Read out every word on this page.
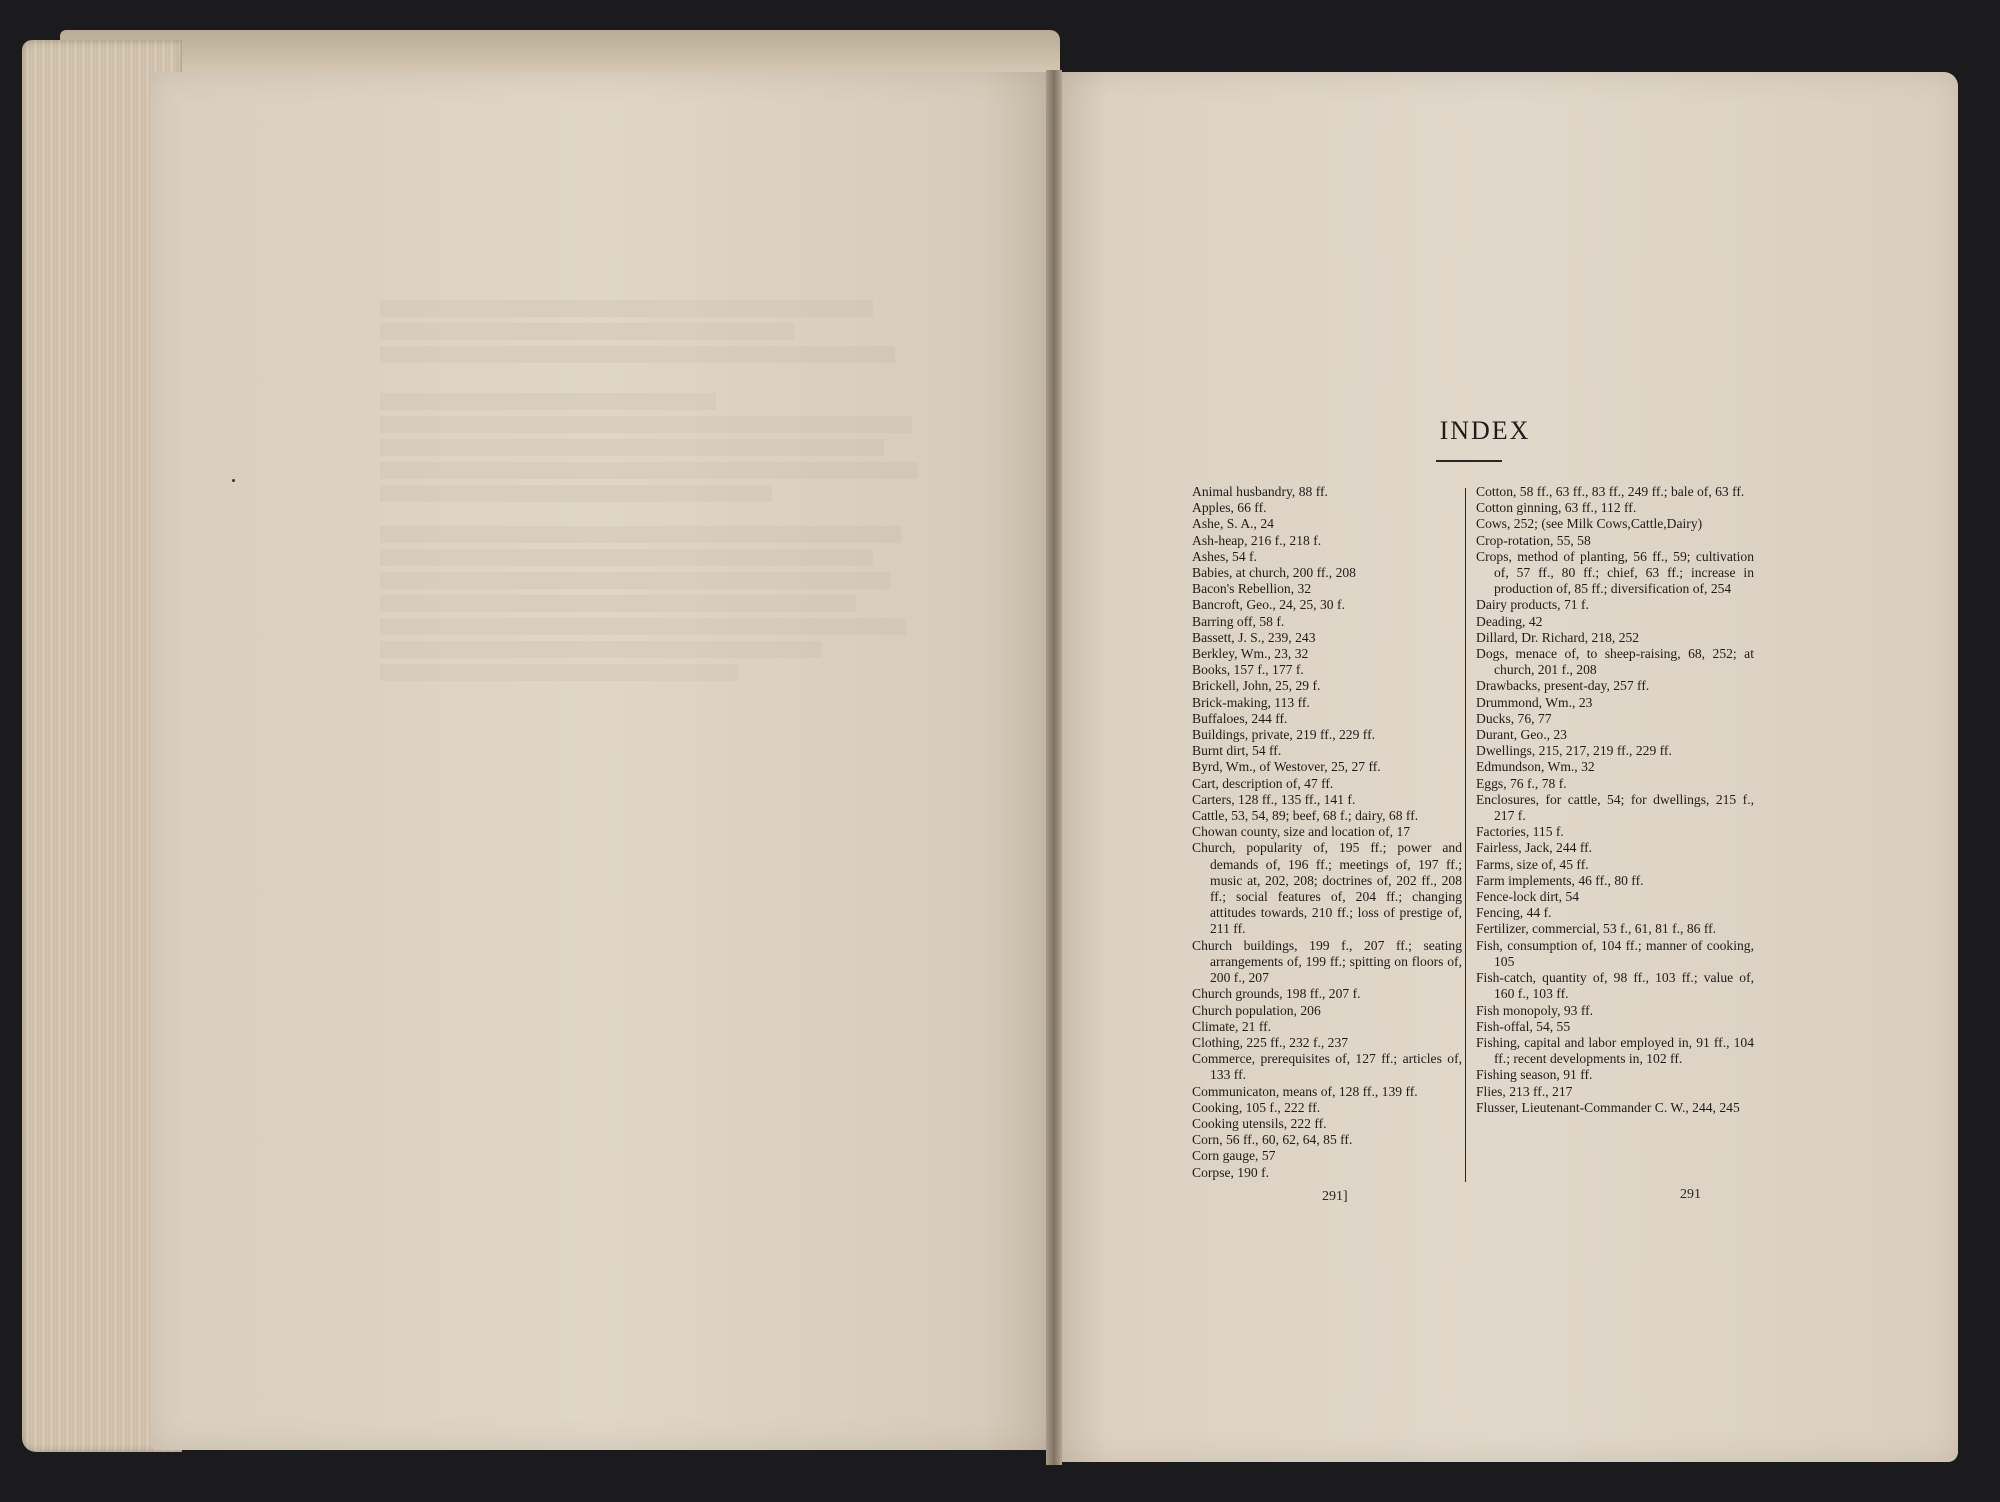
INDEX

Animal husbandry, 88 ff.

Apples, 66 ff.

Ashe, S. A., 24

Ash-heap, 216 f., 218 f.

Ashes, 54 f.

Babies, at church, 200 ff., 208

Bacon's Rebellion, 32

Bancroft, Geo., 24, 25, 30 f.

Barring off, 58 f.

Bassett, J. S., 239, 243

Berkley, Wm., 23, 32

Books, 157 f., 177 f.

Brickell, John, 25, 29 f.

Brick-making, 113 ff.

Buffaloes, 244 ff.

Buildings, private, 219 ff., 229 ff.

Burnt dirt, 54 ff.

Byrd, Wm., of Westover, 25, 27 ff.

Cart, description of, 47 ff.

Carters, 128 ff., 135 ff., 141 f.

Cattle, 53, 54, 89; beef, 68 f.; dairy, 68 ff.

Chowan county, size and location of, 17

Church, popularity of, 195 ff.; power and demands of, 196 ff.; meetings of, 197 ff.; music at, 202, 208; doctrines of, 202 ff., 208 ff.; social features of, 204 ff.; changing attitudes towards, 210 ff.; loss of prestige of, 211 ff.

Church buildings, 199 f., 207 ff.; seating arrangements of, 199 ff.; spitting on floors of, 200 f., 207

Church grounds, 198 ff., 207 f.

Church population, 206

Climate, 21 ff.

Clothing, 225 ff., 232 f., 237

Commerce, prerequisites of, 127 ff.; articles of, 133 ff.

Communicaton, means of, 128 ff., 139 ff.

Cooking, 105 f., 222 ff.

Cooking utensils, 222 ff.

Corn, 56 ff., 60, 62, 64, 85 ff.

Corn gauge, 57

Corpse, 190 f.

Cotton, 58 ff., 63 ff., 83 ff., 249 ff.; bale of, 63 ff.

Cotton ginning, 63 ff., 112 ff.

Cows, 252; (see Milk Cows,Cattle,Dairy)

Crop-rotation, 55, 58

Crops, method of planting, 56 ff., 59; cultivation of, 57 ff., 80 ff.; chief, 63 ff.; increase in production of, 85 ff.; diversification of, 254

Dairy products, 71 f.

Deading, 42

Dillard, Dr. Richard, 218, 252

Dogs, menace of, to sheep-raising, 68, 252; at church, 201 f., 208

Drawbacks, present-day, 257 ff.

Drummond, Wm., 23

Ducks, 76, 77

Durant, Geo., 23

Dwellings, 215, 217, 219 ff., 229 ff.

Edmundson, Wm., 32

Eggs, 76 f., 78 f.

Enclosures, for cattle, 54; for dwellings, 215 f., 217 f.

Factories, 115 f.

Fairless, Jack, 244 ff.

Farms, size of, 45 ff.

Farm implements, 46 ff., 80 ff.

Fence-lock dirt, 54

Fencing, 44 f.

Fertilizer, commercial, 53 f., 61, 81 f., 86 ff.

Fish, consumption of, 104 ff.; manner of cooking, 105

Fish-catch, quantity of, 98 ff., 103 ff.; value of, 160 f., 103 ff.

Fish monopoly, 93 ff.

Fish-offal, 54, 55

Fishing, capital and labor employed in, 91 ff., 104 ff.; recent developments in, 102 ff.

Fishing season, 91 ff.

Flies, 213 ff., 217

Flusser, Lieutenant-Commander C. W., 244, 245

291]	291
